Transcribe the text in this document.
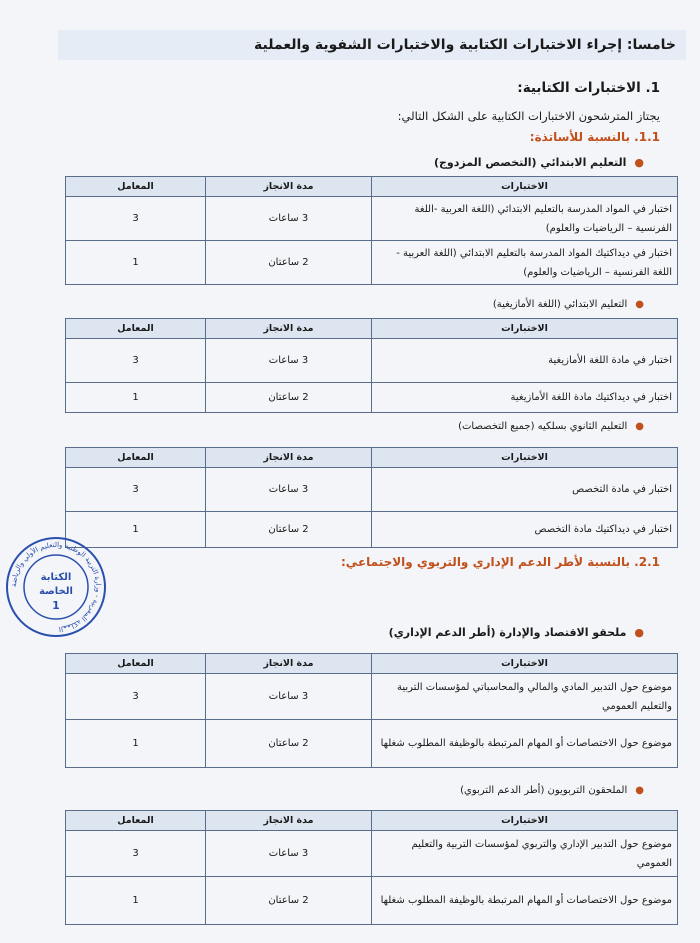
خامسا: إجراء الاختبارات الكتابية والاختبارات الشفوية والعملية
1. الاختبارات الكتابية:
يجتاز المترشحون الاختبارات الكتابية على الشكل التالي:
1.1. بالنسبة للأساتذة:
●التعليم الابتدائي (التخصص المزدوج)
الاختبارات	مدة الانجاز	المعامل

اختبار في المواد المدرسة بالتعليم الابتدائي (اللغة العربية -اللغة
الفرنسية – الرياضيات والعلوم)	3 ساعات	3

اختبار في ديداكتيك المواد المدرسة بالتعليم الابتدائي (اللغة العربية -
اللغة الفرنسية – الرياضيات والعلوم)	2 ساعتان	1
●التعليم الابتدائي (اللغة الأمازيغية)
الاختبارات	مدة الانجاز	المعامل
اختبار في مادة اللغة الأمازيغية	3 ساعات	3
اختبار في ديداكتيك مادة اللغة الأمازيغية	2 ساعتان	1
●التعليم الثانوي بسلكيه (جميع التخصصات)
الاختبارات	مدة الانجاز	المعامل
اختبار في مادة التخصص	3 ساعات	3
اختبار في ديداكتيك مادة التخصص	2 ساعتان	1
2.1. بالنسبة لأطر الدعم الإداري والتربوي والاجتماعي:
●ملحقو الاقتصاد والإدارة (أطر الدعم الإداري)
الاختبارات	مدة الانجاز	المعامل

موضوع حول التدبير المادي والمالي والمحاسباتي لمؤسسات التربية
والتعليم العمومي	3 ساعات	3
موضوع حول الاختصاصات أو المهام المرتبطة بالوظيفة المطلوب شغلها	2 ساعتان	1
●الملحقون التربويون (أطر الدعم التربوي)
الاختبارات	مدة الانجاز	المعامل

موضوع حول التدبير الإداري والتربوي لمؤسسات التربية والتعليم
العمومي	3 ساعات	3
موضوع حول الاختصاصات أو المهام المرتبطة بالوظيفة المطلوب شغلها	2 ساعتان	1
المملكة المغربية - وزارة التربية الوطنية والتعليم الأولي والرياضة
الكتابة
الخاصة
1
